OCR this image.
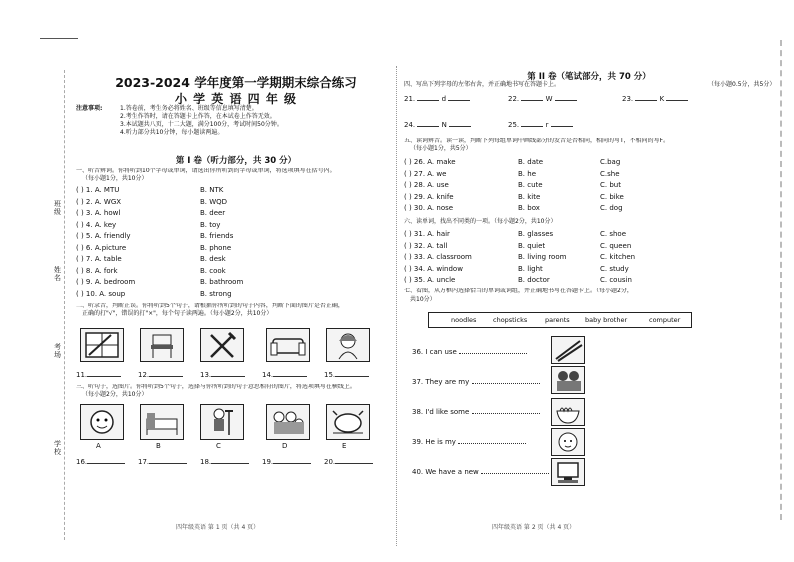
班级
姓名
考场
学校
2023-2024 学年度第一学期期末综合练习
小 学 英 语 四 年 级
注意事项:	1.答卷前，考生务必将姓名、班级等信息填写清楚。
2.考生作答时，请在答题卡上作答，在本试卷上作答无效。
3.本试题共八页，十二大题，满分100分，考试时间50分钟。
4.听力部分共10分钟，每小题读两遍。
第 I 卷（听力部分，共 30 分）
一、听音辨词。你将听到10个字母或单词，请选出你所听到的字母或单词，将选项填写在括号内。
（每小题1分，共10分）
( ) 1. A. MTU	B. NTK
( ) 2. A. WGX	B. WQD
( ) 3. A. howl	B. deer
( ) 4. A. key	B. toy
( ) 5. A. friendly	B. friends
( ) 6. A.picture	B. phone
( ) 7. A. table	B. desk
( ) 8. A. fork	B. cook
( ) 9. A. bedroom	B. bathroom
( ) 10. A. soup	B. strong
二、听录音，判断正误。你将听到5个句子，请根据你所听到的句子内容，判断下面的图片是否正确，
正确的打"√"，错误的打"×"，每个句子读两遍。（每小题2分，共10分）
11.	12.	13.	14.	15.
三、听句子，选图片。你将听到5个句子，选择与你所听到的句子意思相符的图片，将选项填写在横线上。
（每小题2分，共10分）
A	B	C	D	E
16.	17.	18.	19.	20.
四年级英语 第 1 页（共 4 页）
第 II 卷（笔试部分，共 70 分）
四、写出下列字母的左邻右舍，并正确地书写在答题卡上。	（每小题0.5分，共5分）
21.	d	22.	W	23.	K
24.	N	25.	r
五、读词辨音。读一读，判断下列每组单词中画线部分的发音是否相同，相同的写T，不相同的写F。
（每小题1分，共5分）
( ) 26. A. make	B. date	C.bag
( ) 27. A. we	B. he	C.she
( ) 28. A. use	B. cute	C. but
( ) 29. A. knife	B. kite	C. bike
( ) 30. A. nose	B. box	C. dog
六、读单词，找出不同类的一项。（每小题2分，共10分）
( ) 31. A. hair	B. glasses	C. shoe
( ) 32. A. tall	B. quiet	C. queen
( ) 33. A. classroom	B. living room	C. kitchen
( ) 34. A. window	B. light	C. study
( ) 35. A. uncle	B. doctor	C. cousin
七、看图，从方框内选择恰当的单词或词组，并正确地书写在答题卡上。（每小题2分，
共10分）
noodles	chopsticks	parents	baby brother	computer
36. I can use
37. They are my
38. I'd like some
39. He is my
40. We have a new
四年级英语 第 2 页（共 4 页）
